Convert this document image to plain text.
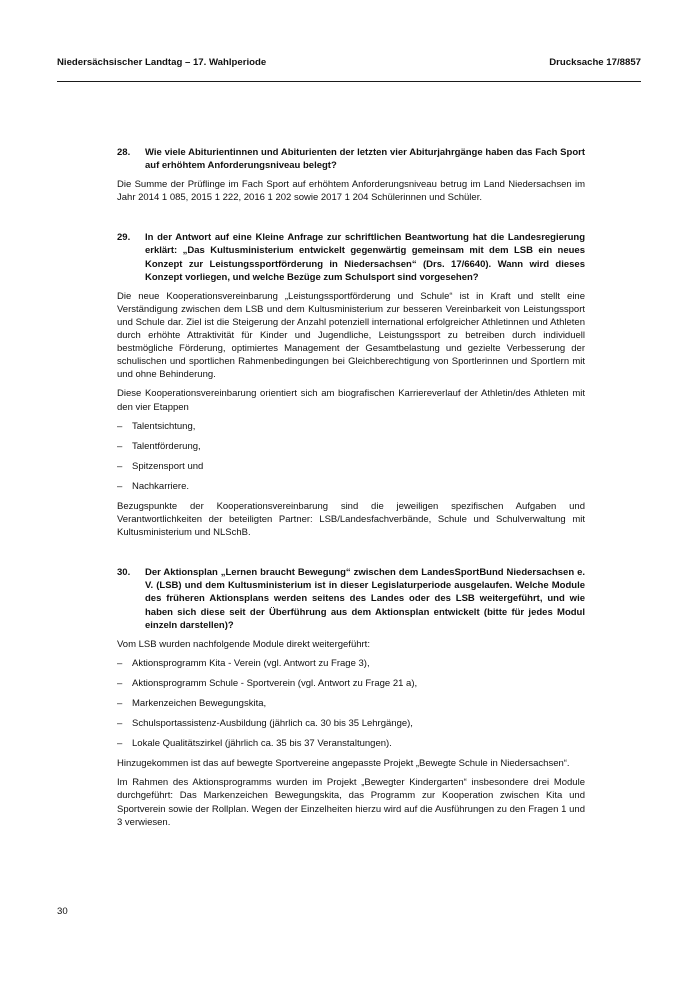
Niedersächsischer Landtag – 17. Wahlperiode	Drucksache 17/8857
28. Wie viele Abiturientinnen und Abiturienten der letzten vier Abiturjahrgänge haben das Fach Sport auf erhöhtem Anforderungsniveau belegt?
Die Summe der Prüflinge im Fach Sport auf erhöhtem Anforderungsniveau betrug im Land Niedersachsen im Jahr 2014 1 085, 2015 1 222, 2016 1 202 sowie 2017 1 204 Schülerinnen und Schüler.
29. In der Antwort auf eine Kleine Anfrage zur schriftlichen Beantwortung hat die Landesregierung erklärt: „Das Kultusministerium entwickelt gegenwärtig gemeinsam mit dem LSB ein neues Konzept zur Leistungssportförderung in Niedersachsen“ (Drs. 17/6640). Wann wird dieses Konzept vorliegen, und welche Bezüge zum Schulsport sind vorgesehen?
Die neue Kooperationsvereinbarung „Leistungssportförderung und Schule“ ist in Kraft und stellt eine Verständigung zwischen dem LSB und dem Kultusministerium zur besseren Vereinbarkeit von Leistungssport und Schule dar. Ziel ist die Steigerung der Anzahl potenziell international erfolgreicher Athletinnen und Athleten durch erhöhte Attraktivität für Kinder und Jugendliche, Leistungssport zu betreiben durch individuell bestmögliche Förderung, optimiertes Management der Gesamtbelastung und gezielte Verbesserung der schulischen und sportlichen Rahmenbedingungen bei Gleichberechtigung von Sportlerinnen und Sportlern mit und ohne Behinderung.
Diese Kooperationsvereinbarung orientiert sich am biografischen Karriereverlauf der Athletin/des Athleten mit den vier Etappen
– Talentsichtung,
– Talentförderung,
– Spitzensport und
– Nachkarriere.
Bezugspunkte der Kooperationsvereinbarung sind die jeweiligen spezifischen Aufgaben und Verantwortlichkeiten der beteiligten Partner: LSB/Landesfachverbände, Schule und Schulverwaltung mit Kultusministerium und NLSchB.
30. Der Aktionsplan „Lernen braucht Bewegung“ zwischen dem LandesSportBund Niedersachsen e. V. (LSB) und dem Kultusministerium ist in dieser Legislaturperiode ausgelaufen. Welche Module des früheren Aktionsplans werden seitens des Landes oder des LSB weitergeführt, und wie haben sich diese seit der Überführung aus dem Aktionsplan entwickelt (bitte für jedes Modul einzeln darstellen)?
Vom LSB wurden nachfolgende Module direkt weitergeführt:
– Aktionsprogramm Kita - Verein (vgl. Antwort zu Frage 3),
– Aktionsprogramm Schule - Sportverein (vgl. Antwort zu Frage 21 a),
– Markenzeichen Bewegungskita,
– Schulsportassistenz-Ausbildung (jährlich ca. 30 bis 35 Lehrgänge),
– Lokale Qualitätszirkel (jährlich ca. 35 bis 37 Veranstaltungen).
Hinzugekommen ist das auf bewegte Sportvereine angepasste Projekt „Bewegte Schule in Niedersachsen“.
Im Rahmen des Aktionsprogramms wurden im Projekt „Bewegter Kindergarten“ insbesondere drei Module durchgeführt: Das Markenzeichen Bewegungskita, das Programm zur Kooperation zwischen Kita und Sportverein sowie der Rollplan. Wegen der Einzelheiten hierzu wird auf die Ausführungen zu den Fragen 1 und 3 verwiesen.
30
